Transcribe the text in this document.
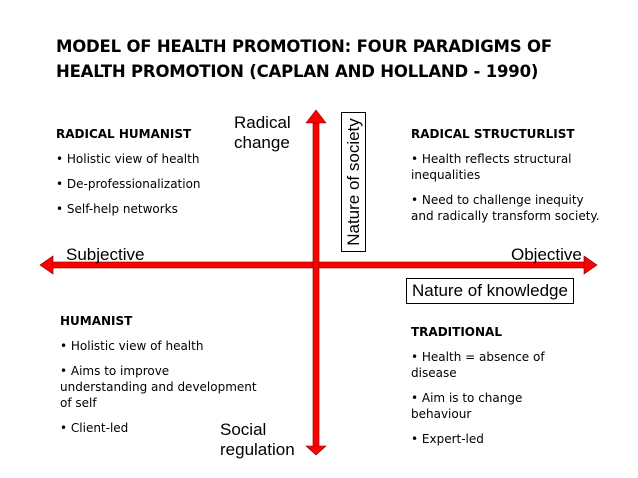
MODEL OF HEALTH PROMOTION: FOUR PARADIGMS OF HEALTH PROMOTION (CAPLAN AND HOLLAND - 1990)
Radical change
Social regulation
Subjective	Objective
Nature of society
Nature of knowledge
RADICAL HUMANIST
• Holistic view of health
• De-professionalization
• Self-help networks
RADICAL STRUCTURLIST
• Health reflects structural inequalities
• Need to challenge inequity and radically transform society.
HUMANIST
• Holistic view of health
• Aims to improve understanding and development of self
• Client-led
TRADITIONAL
• Health = absence of disease
• Aim is to change behaviour
• Expert-led
